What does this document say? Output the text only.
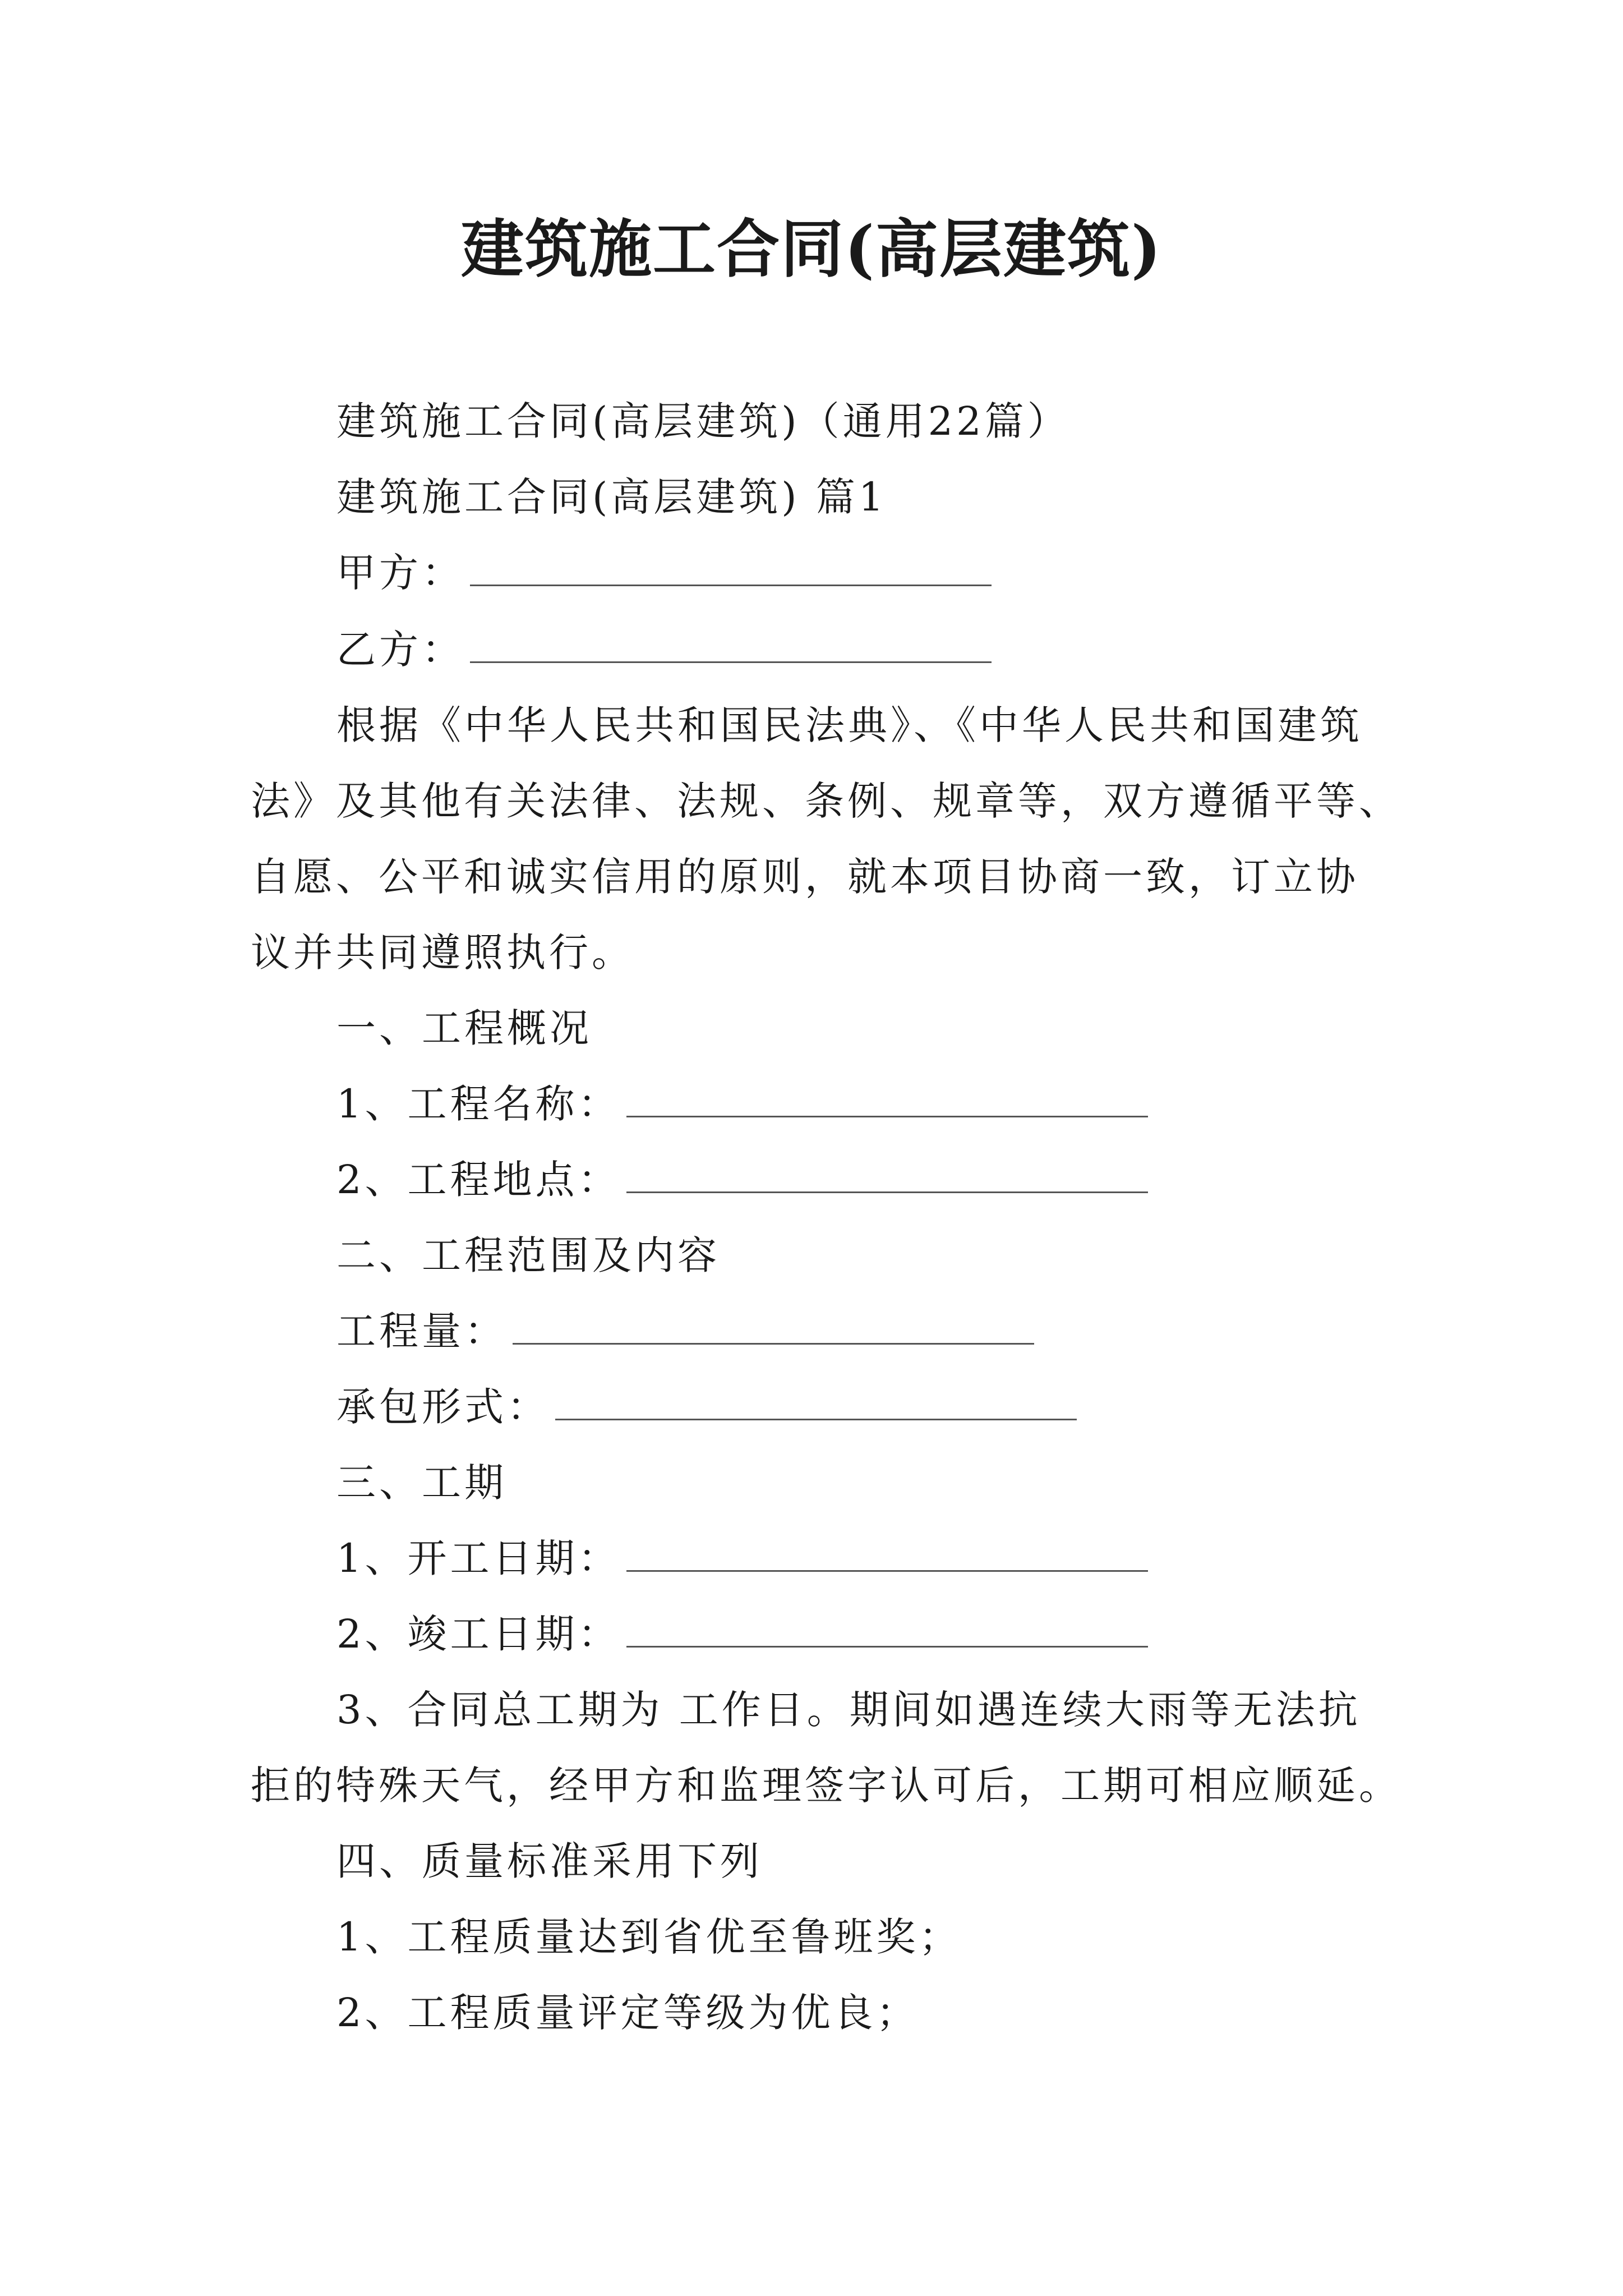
建筑施工合同(高层建筑)
建筑施工合同(高层建筑)（通用22篇）
建筑施工合同(高层建筑) 篇1
甲方：
乙方：
根据《中华人民共和国民法典》、《中华人民共和国建筑
法》及其他有关法律、法规、条例、规章等，双方遵循平等、
自愿、公平和诚实信用的原则，就本项目协商一致，订立协
议并共同遵照执行。
一、工程概况
1、工程名称：
2、工程地点：
二、工程范围及内容
工程量：
承包形式：
三、工期
1、开工日期：
2、竣工日期：
3、合同总工期为 工作日。期间如遇连续大雨等无法抗
拒的特殊天气，经甲方和监理签字认可后，工期可相应顺延。
四、质量标准采用下列
1、工程质量达到省优至鲁班奖；
2、工程质量评定等级为优良；
